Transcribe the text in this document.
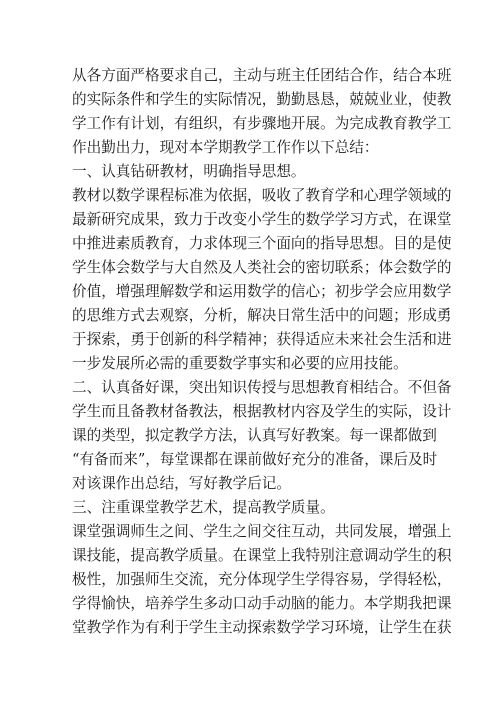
从各方面严格要求自己，主动与班主任团结合作，结合本班
的实际条件和学生的实际情况，勤勤恳恳，兢兢业业，使教
学工作有计划，有组织，有步骤地开展。为完成教育教学工
作出勤出力，现对本学期教学工作作以下总结：
一、认真钻研教材，明确指导思想。
教材以数学课程标准为依据，吸收了教育学和心理学领域的
最新研究成果，致力于改变小学生的数学学习方式，在课堂
中推进素质教育，力求体现三个面向的指导思想。目的是使
学生体会数学与大自然及人类社会的密切联系；体会数学的
价值，增强理解数学和运用数学的信心；初步学会应用数学
的思维方式去观察，分析，解决日常生活中的问题；形成勇
于探索，勇于创新的科学精神；获得适应未来社会生活和进
一步发展所必需的重要数学事实和必要的应用技能。
二、认真备好课，突出知识传授与思想教育相结合。不但备
学生而且备教材备教法，根据教材内容及学生的实际，设计
课的类型，拟定教学方法，认真写好教案。每一课都做到
“有备而来”，每堂课都在课前做好充分的准备，课后及时
对该课作出总结，写好教学后记。
三、注重课堂教学艺术，提高教学质量。
课堂强调师生之间、学生之间交往互动，共同发展，增强上
课技能，提高教学质量。在课堂上我特别注意调动学生的积
极性，加强师生交流，充分体现学生学得容易，学得轻松，
学得愉快，培养学生多动口动手动脑的能力。本学期我把课
堂教学作为有利于学生主动探索数学学习环境，让学生在获
